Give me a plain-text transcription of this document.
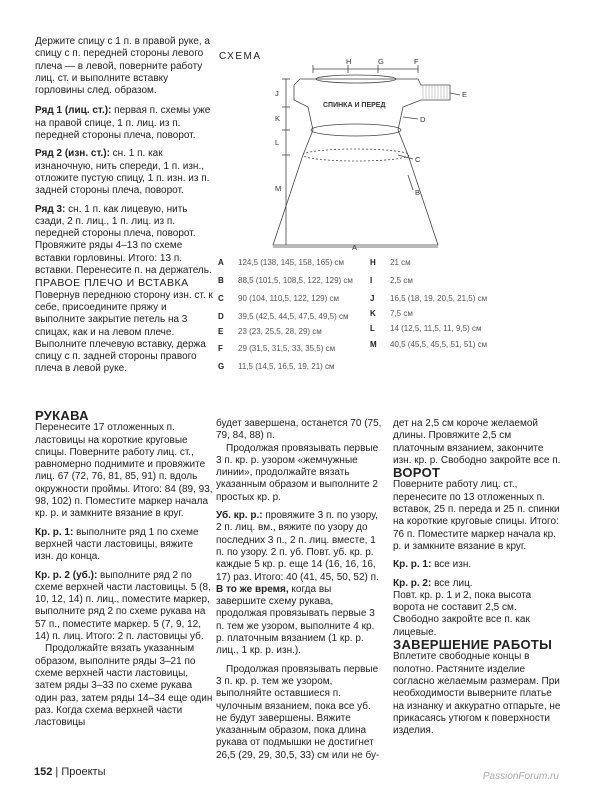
Держите спицу с 1 п. в правой руке, а спицу с п. передней стороны левого плеча — в левой, поверните работу лиц. ст. и выполните вставку горловины след. образом.

Ряд 1 (лиц. ст.): первая п. схемы уже на правой спице, 1 п. лиц. из п. передней стороны плеча, поворот.

Ряд 2 (изн. ст.): сн. 1 п. как изнаночную, нить спереди, 1 п. изн., отложите пустую спицу, 1 п. изн. из п. задней стороны плеча, поворот.

Ряд 3: сн. 1 п. как лицевую, нить сзади, 2 п. лиц., 1 п. лиц. из п. передней стороны плеча, поворот.

Провяжите ряды 4–13 по схеме вставки горловины. Итого: 13 п. вставки. Перенесите п. на держатель.

ПРАВОЕ ПЛЕЧО И ВСТАВКА

Повернув переднюю сторону изн. ст. к себе, присоедините пряжу и выполните закрытие петель на 3 спицах, как и на левом плече. Выполните плечевую вставку, держа спицу с п. задней стороны правого плеча в левой руке.

РУКАВА

Перенесите 17 отложенных п. ластовицы на короткие круговые спицы. Поверните работу лиц. ст., равномерно поднимите и провяжите лиц. 67 (72, 76, 81, 85, 91) п. вдоль окружности проймы. Итого: 84 (89, 93, 98, 102) п. Поместите маркер начала кр. р. и замкните вязание в круг.

Кр. р. 1: выполните ряд 1 по схеме верхней части ластовицы, вяжите изн. до конца.

Кр. р. 2 (уб.): выполните ряд 2 по схеме верхней части ластовицы. 5 (8, 10, 12, 14) п. лиц., поместите маркер, выполните ряд 2 по схеме рукава на 57 п., поместите маркер. 5 (7, 9, 12, 14) п. лиц. Итого: 2 п. ластовицы уб.

Продолжайте вязать указанным образом, выполните ряды 3–21 по схеме верхней части ластовицы, затем ряды 3–33 по схеме рукава один раз, затем ряды 14–34 еще один раз. Когда схема верхней части ластовицы

СХЕМА
СПИНКА И ПЕРЕД
H	G	F
J
K
L
M
A
B
C
D
E
A 124,5 (138, 145, 158, 165) см
B 88,5 (101,5, 108,5, 122, 129) см
C 90 (104, 110,5, 122, 129) см
D 39,5 (42,5, 44,5, 47,5, 49,5) см
E 23 (23, 25,5, 28, 29) см
F 29 (31,5, 31,5, 33, 35,5) см
G 11,5 (14,5, 16,5, 19, 21) см
H 21 см
I 2,5 см
J 16,5 (18, 19, 20,5, 21,5) см
K 7,5 см
L 14 (12,5, 11,5, 11, 9,5) см
M 40,5 (45,5, 45,5, 51, 51) см

будет завершена, останется 70 (75, 79, 84, 88) п.

Продолжая провязывать первые 3 п. кр. р. узором «жемчужные линии», продолжайте вязать указанным образом и выполните 2 простых кр. р.

Уб. кр. р.: провяжите 3 п. по узору, 2 п. лиц. вм., вяжите по узору до последних 3 п., 2 п. лиц. вместе, 1 п. по узору. 2 п. уб. Повт. уб. кр. р. каждые 5 кр. р. еще 14 (16, 16, 16, 17) раз. Итого: 40 (41, 45, 50, 52) п. В то же время, когда вы завершите схему рукава, продолжая провязывать первые 3 п. тем же узором, выполните 4 кр. р. платочным вязанием (1 кр. р. лиц., 1 кр. р. изн.).

Продолжая провязывать первые 3 п. кр. р. тем же узором, выполняйте оставшиеся п. чулочным вязанием, пока все уб. не будут завершены. Вяжите указанным образом, пока длина рукава от подмышки не достигнет 26,5 (29, 29, 30,5, 33) см или не бу-

дет на 2,5 см короче желаемой длины. Провяжите 2,5 см платочным вязанием, закончите изн. кр. р. Свободно закройте все п.

ВОРОТ

Поверните работу лиц. ст., перенесите по 13 отложенных п. вставок, 25 п. переда и 25 п. спинки на короткие круговые спицы. Итого: 76 п. Поместите маркер начала кр. р. и замкните вязание в круг.

Кр. р. 1: все изн.

Кр. р. 2: все лиц.

Повт. кр. р. 1 и 2, пока высота ворота не составит 2,5 см. Свободно закройте все п. как лицевые.

ЗАВЕРШЕНИЕ РАБОТЫ

Вплетите свободные концы в полотно. Растяните изделие согласно желаемым размерам. При необходимости выверните платье на изнанку и аккуратно отпарьте, не прикасаясь утюгом к поверхности изделия.

152 | Проекты	PassionForum.ru
